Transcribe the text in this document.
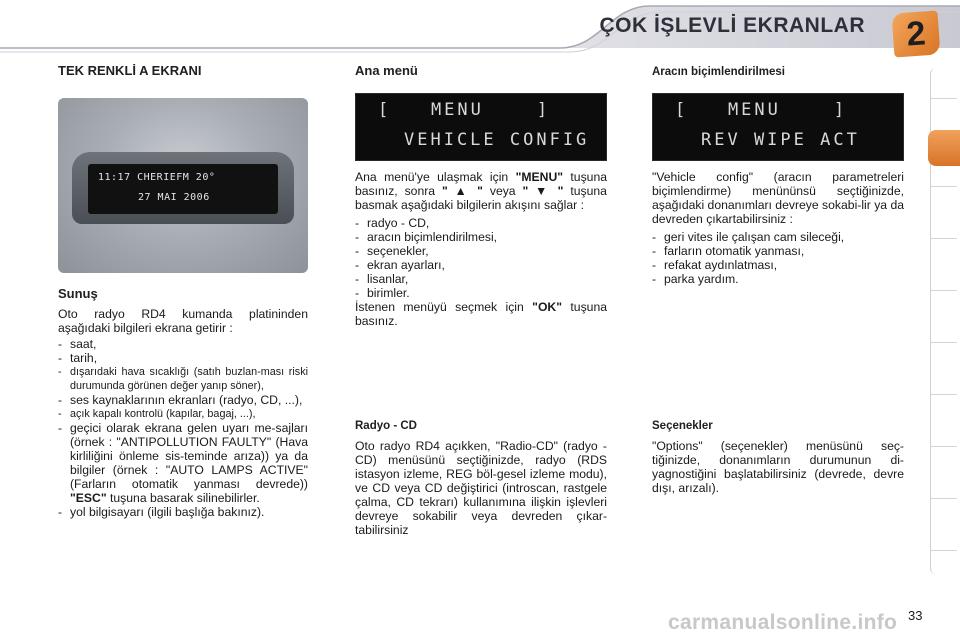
ÇOK İŞLEVLİ EKRANLAR	2
TEK RENKLİ A EKRANI
11:17 CHERIEFM 20°
27 MAI 2006
Sunuş

Oto radyo RD4 kumanda platininden aşağıdaki bilgileri ekrana getirir :

- saat,
- tarih,
- dışarıdaki hava sıcaklığı (satıh buzlan-ması riski durumunda görünen değer yanıp söner),
- ses kaynaklarının ekranları (radyo, CD, ...),
- açık kapalı kontrolü (kapılar, bagaj, ...),
- geçici olarak ekrana gelen uyarı me-sajları (örnek : "ANTIPOLLUTION FAULTY" (Hava kirliliğini önleme sis-teminde arıza)) ya da bilgiler (örnek : "AUTO LAMPS ACTIVE" (Farların otomatik yanması devrede)) "ESC" tuşuna basarak silinebilirler.
- yol bilgisayarı (ilgili başlığa bakınız).
Ana menü
[   MENU    ]
VEHICLE CONFIG

Ana menü'ye ulaşmak için "MENU" tuşuna basınız, sonra " ▲ " veya " ▼ " tuşuna basmak aşağıdaki bilgilerin akışını sağlar :

- radyo - CD,
- aracın biçimlendirilmesi,
- seçenekler,
- ekran ayarları,
- lisanlar,
- birimler.

İstenen menüyü seçmek için "OK" tuşuna basınız.

Radyo - CD

Oto radyo RD4 açıkken, "Radio-CD" (radyo - CD) menüsünü seçtiğinizde, radyo (RDS istasyon izleme, REG böl-gesel izleme modu), ve CD veya CD değiştirici (introscan, rastgele çalma, CD tekrarı) kullanımına ilişkin işlevleri devreye sokabilir veya devreden çıkar-tabilirsiniz

Aracın biçimlendirilmesi
[   MENU    ]
REV WIPE ACT

"Vehicle config" (aracın parametreleri biçimlendirme) menününsü seçtiğinizde, aşağıdaki donanımları devreye sokabi-lir ya da devreden çıkartabilirsiniz :

- geri vites ile çalışan cam sileceği,
- farların otomatik yanması,
- refakat aydınlatması,
- parka yardım.
Seçenekler

"Options" (seçenekler) menüsünü seç-tiğinizde, donanımların durumunun di-yagnostiğini başlatabilirsiniz (devrede, devre dışı, arızalı).

carmanualsonline.info 33
